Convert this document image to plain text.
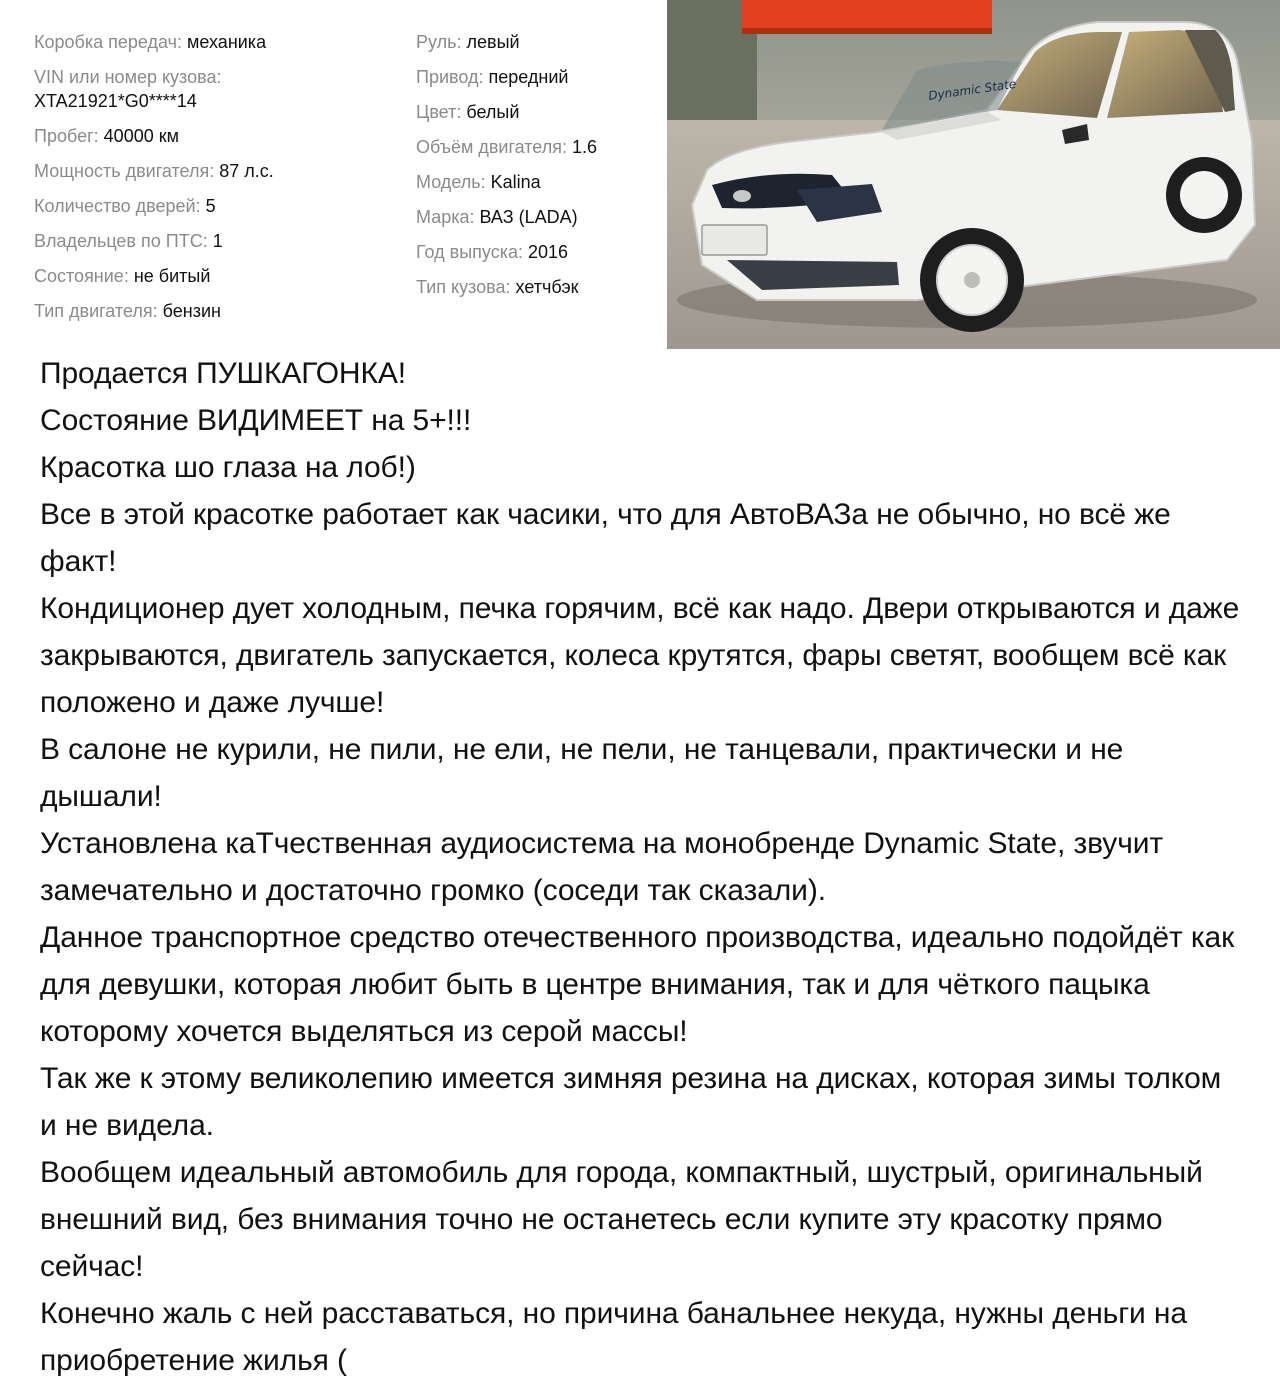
Коробка передач: механика
VIN или номер кузова:
XTA21921*G0****14
Пробег: 40000 км
Мощность двигателя: 87 л.с.
Количество дверей: 5
Владельцев по ПТС: 1
Состояние: не битый
Тип двигателя: бензин
Руль: левый
Привод: передний
Цвет: белый
Объём двигателя: 1.6
Модель: Kalina
Марка: ВАЗ (LADA)
Год выпуска: 2016
Тип кузова: хетчбэк
Dynamic State

Продается ПУШКАГОНКА!

Состояние ВИДИМЕЕТ на 5+!!!

Красотка шо глаза на лоб!)

Все в этой красотке работает как часики, что для АвтоВАЗа не обычно, но всё же факт!

Кондиционер дует холодным, печка горячим, всё как надо. Двери открываются и даже закрываются, двигатель запускается, колеса крутятся, фары светят, вообщем всё как положено и даже лучше!

В салоне не курили, не пили, не ели, не пели, не танцевали, практически и не дышали!

Установлена каТчественная аудиосистема на монобренде Dynamic State, звучит замечательно и достаточно громко (соседи так сказали).

Данное транспортное средство отечественного производства, идеально подойдёт как для девушки, которая любит быть в центре внимания, так и для чёткого пацыка которому хочется выделяться из серой массы!

Так же к этому великолепию имеется зимняя резина на дисках, которая зимы толком и не видела.

Вообщем идеальный автомобиль для города, компактный, шустрый, оригинальный внешний вид, без внимания точно не останетесь если купите эту красотку прямо сейчас!

Конечно жаль с ней расставаться, но причина банальнее некуда, нужны деньги на приобретение жилья (
